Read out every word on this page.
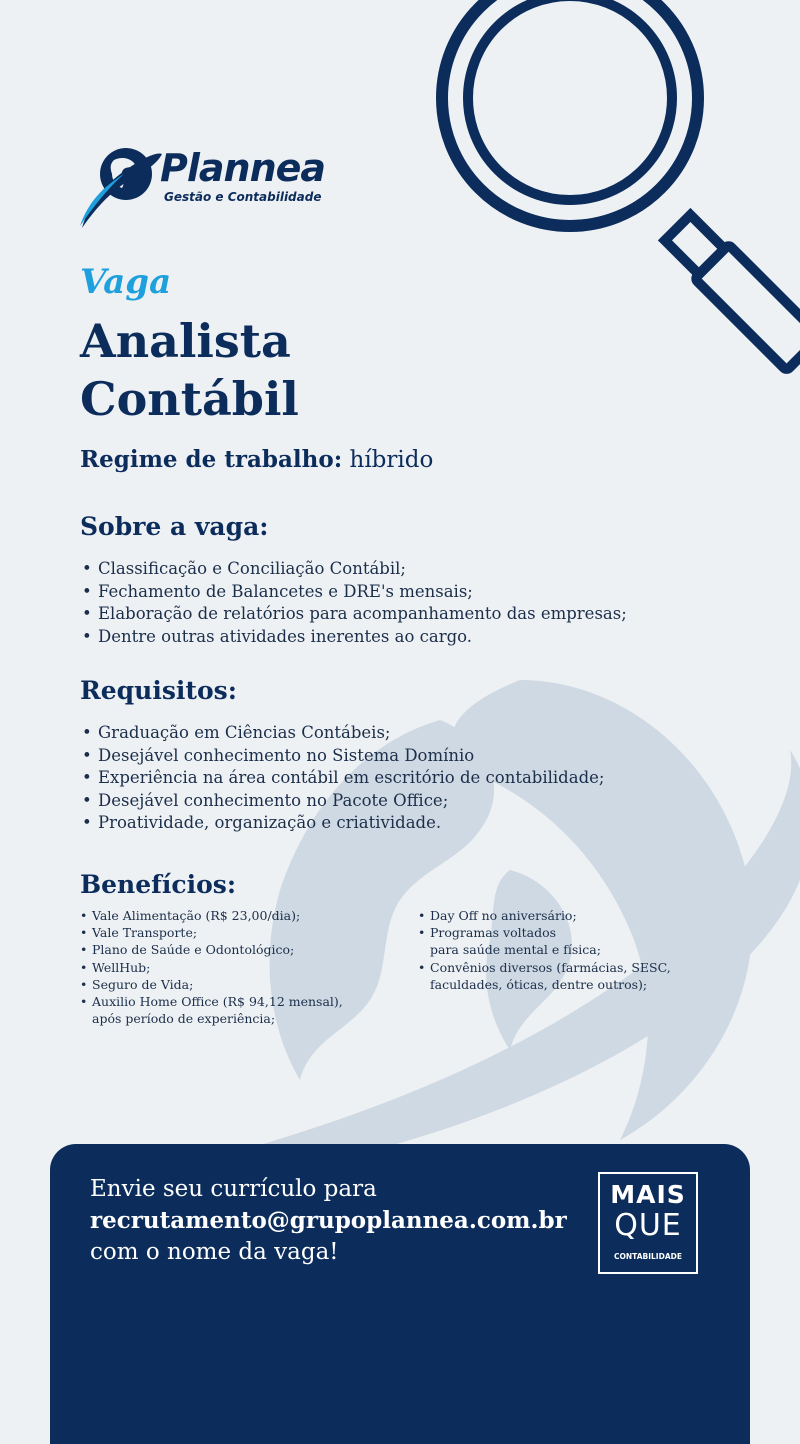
Plannea
Gestão e Contabilidade
Vaga
Analista
Contábil
Regime de trabalho: híbrido
Sobre a vaga:
• Classificação e Conciliação Contábil;
• Fechamento de Balancetes e DRE's mensais;
• Elaboração de relatórios para acompanhamento das empresas;
• Dentre outras atividades inerentes ao cargo.
Requisitos:
• Graduação em Ciências Contábeis;
• Desejável conhecimento no Sistema Domínio
• Experiência na área contábil em escritório de contabilidade;
• Desejável conhecimento no Pacote Office;
• Proatividade, organização e criatividade.
Benefícios:
• Vale Alimentação (R$ 23,00/dia);
• Vale Transporte;
• Plano de Saúde e Odontológico;
• WellHub;
• Seguro de Vida;
• Auxilio Home Office (R$ 94,12 mensal),
após período de experiência;
• Day Off no aniversário;
• Programas voltados
para saúde mental e física;
• Convênios diversos (farmácias, SESC,
faculdades, óticas, dentre outros);
Envie seu currículo para
recrutamento@grupoplannea.com.br
com o nome da vaga!
MAIS
QUE
CONTABILIDADE
